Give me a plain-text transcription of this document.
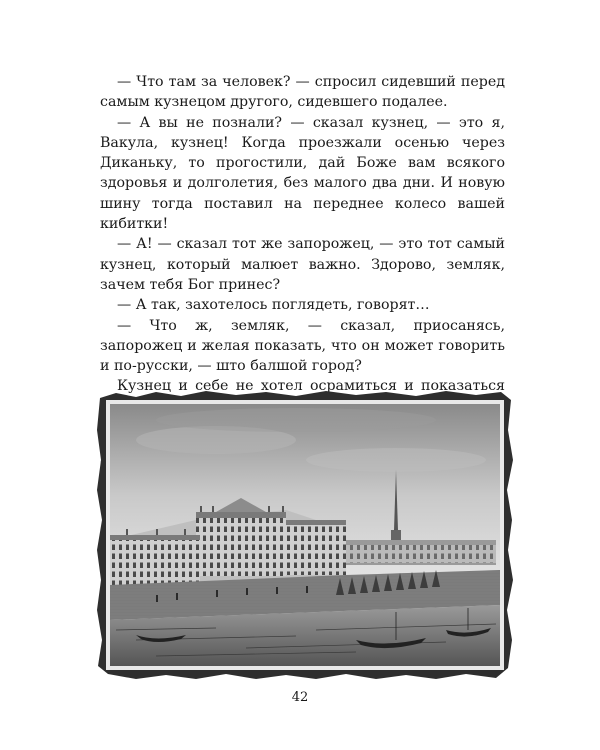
— Что там за человек? — спросил сидевший перед самым кузнецом другого, сидевшего подалее.

— А вы не познали? — сказал кузнец, — это я, Вакула, кузнец! Когда проезжали осенью через Диканьку, то прогостили, дай Боже вам всякого здоровья и долголетия, без малого два дни. И новую шину тогда поставил на переднее колесо вашей кибитки!

— А! — сказал тот же запорожец, — это тот самый кузнец, который малюет важно. Здорово, земляк, зачем тебя Бог принес?

— А так, захотелось поглядеть, говорят…

— Что ж, земляк, — сказал, приосанясь, запорожец и желая показать, что он может говорить и по-русски, — што балшой город?

Кузнец и себе не хотел осрамиться и показаться

42
